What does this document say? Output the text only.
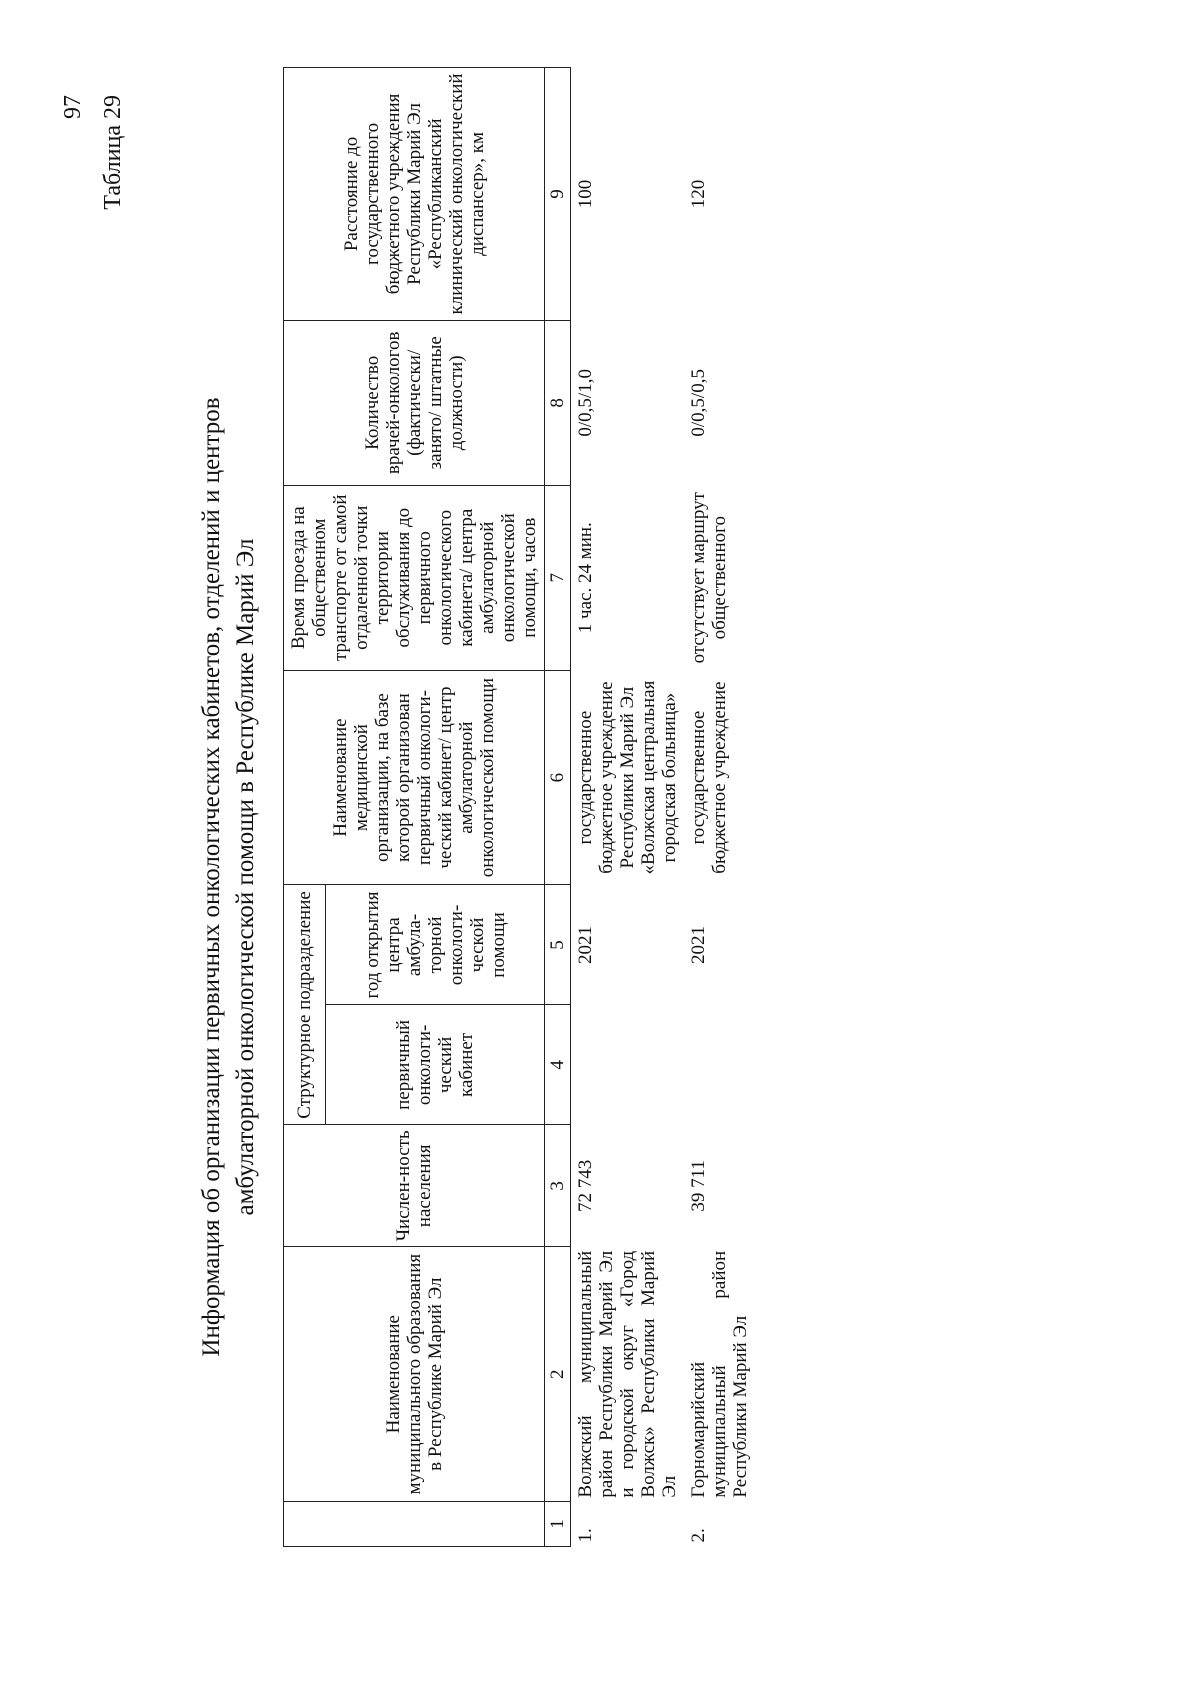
97 Таблица 29
Информация об организации первичных онкологических кабинетов, отделений и центров амбулаторной онкологической помощи в Республике Марий Эл
	Наименование муниципального образования в Республике Марий Эл	Числен-ность населения	Структурное подразделение		Наименование медицинской организации, на базе которой организован первичный онкологи-ческий кабинет/ центр амбулаторной онкологической помощи	Время проезда на общественном транспорте от самой отдаленной точки территории обслуживания до первичного онкологического кабинета/ центра амбулаторной онкологической помощи, часов	Количество врачей-онкологов (фактически/ занято/ штатные должности)	Расстояние до государственного бюджетного учреждения Республики Марий Эл «Республиканский клинический онкологический диспансер», км
			первичный онкологи-ческий кабинет	год открытия центра амбула-торной онкологи-ческой помощи				
1	2	3	4	5	6	7	8	9
1.	Волжский муниципальный район Республики Марий Эл и городской округ «Город Волжск» Республики Марий Эл	72 743		2021	государственное бюджетное учреждение Республики Марий Эл «Волжская центральная городская больница»	1 час. 24 мин.	0/0,5/1,0	100
2.	Горномарийский муниципальный район Республики Марий Эл	39 711		2021	государственное бюджетное учреждение	отсутствует маршрут общественного	0/0,5/0,5	120
